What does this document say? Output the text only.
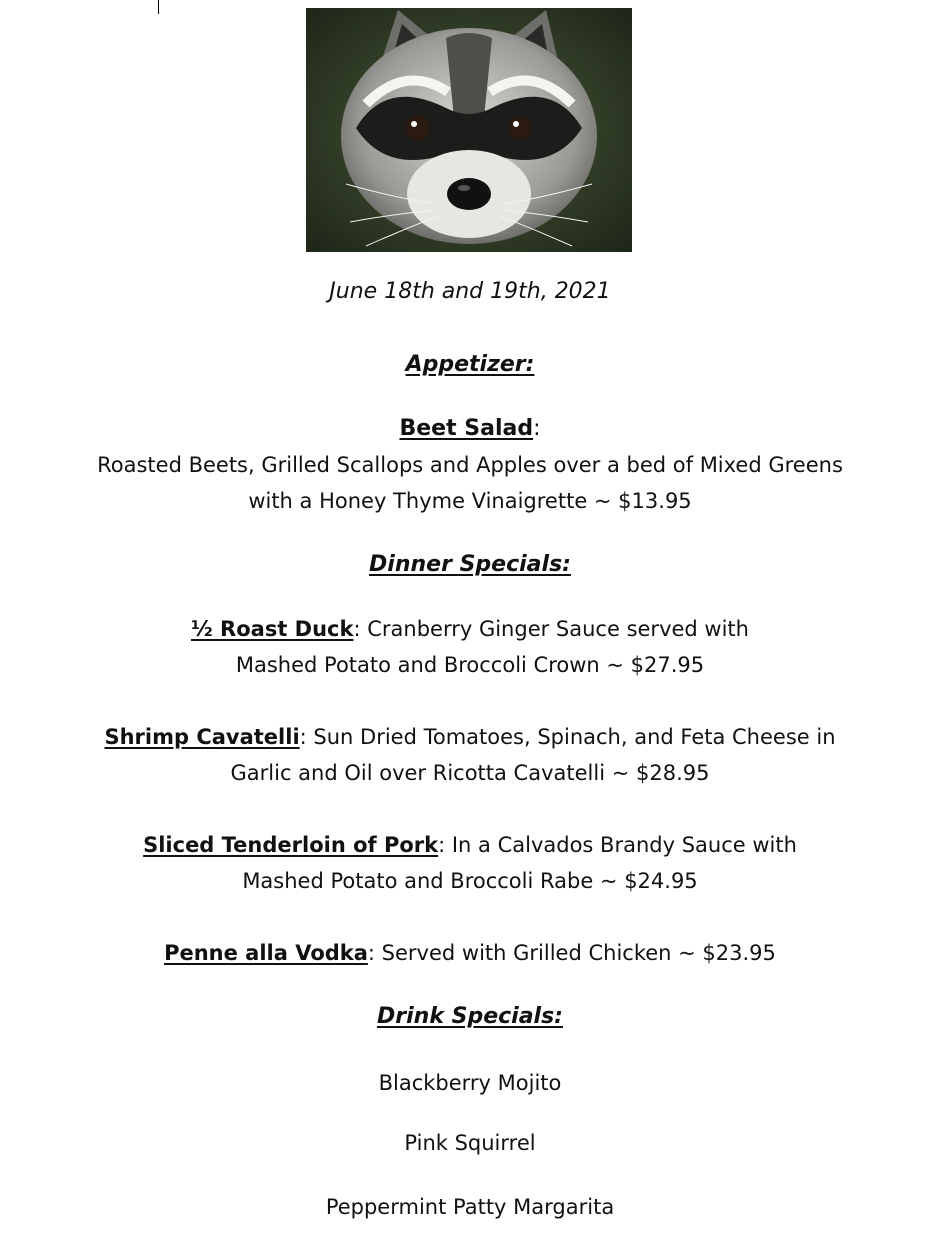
June 18th and 19th, 2021
Appetizer:
Beet Salad:
Roasted Beets, Grilled Scallops and Apples over a bed of Mixed Greens
with a Honey Thyme Vinaigrette ~ $13.95
Dinner Specials:
½ Roast Duck: Cranberry Ginger Sauce served with
Mashed Potato and Broccoli Crown ~ $27.95
Shrimp Cavatelli: Sun Dried Tomatoes, Spinach, and Feta Cheese in
Garlic and Oil over Ricotta Cavatelli ~ $28.95
Sliced Tenderloin of Pork: In a Calvados Brandy Sauce with
Mashed Potato and Broccoli Rabe ~ $24.95
Penne alla Vodka: Served with Grilled Chicken ~ $23.95
Drink Specials:
Blackberry Mojito
Pink Squirrel
Peppermint Patty Margarita
